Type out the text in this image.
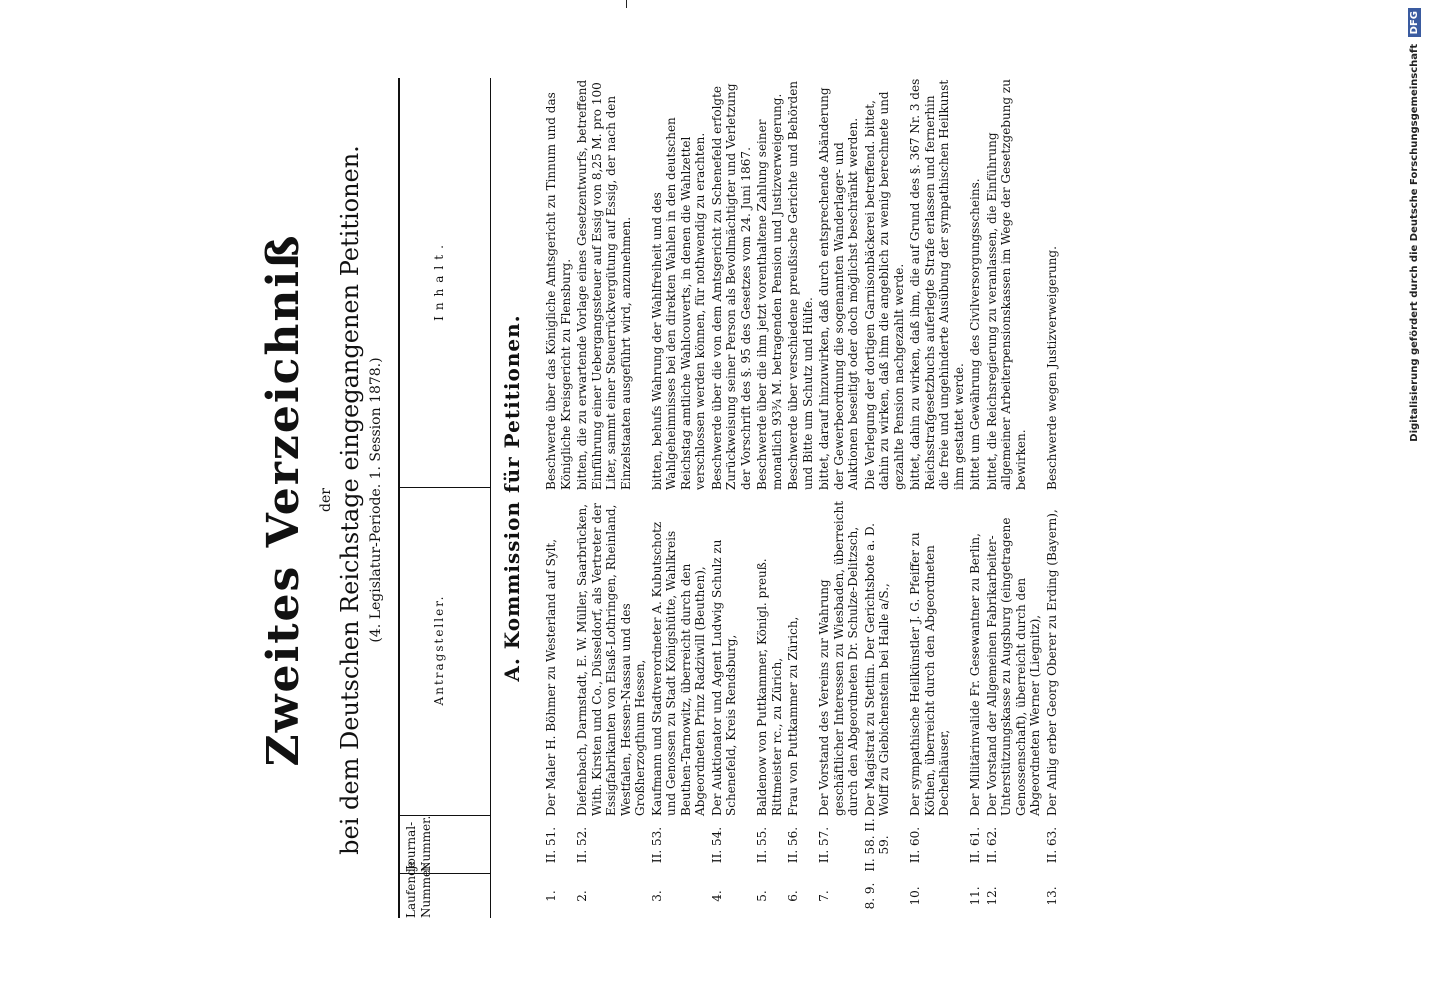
Zweites Verzeichniß der bei dem Deutschen Reichstage eingegangenen Petitionen. (4. Legislatur-Periode. 1. Session 1878.)
Laufende Nummer.
Journal-Nummer.
Antragsteller.
Inhalt.
A. Kommission für Petitionen.
1.
II. 51.
Der Maler H. Böhmer zu Westerland auf Sylt,
Beschwerde über das Königliche Amtsgericht zu Tinnum und das Königliche Kreisgericht zu Flensburg.
2.
II. 52.
Diefenbach, Darmstadt, E. W. Müller, Saarbrücken, With. Kirsten und Co., Düsseldorf, als Vertreter der Essigfabrikanten von Elsaß-Lothringen, Rheinland, Westfalen, Hessen-Nassau und des Großherzogthum Hessen,
bitten, die zu erwartende Vorlage eines Gesetzentwurfs, betreffend Einführung einer Uebergangssteuer auf Essig von 8,25 M. pro 100 Liter, sammt einer Steuerrückvergütung auf Essig, der nach den Einzelstaaten ausgeführt wird, anzunehmen.
3.
II. 53.
Kaufmann und Stadtverordneter A. Kubutschotz und Genossen zu Stadt Königshütte, Wahlkreis Beuthen-Tarnowitz, überreicht durch den Abgeordneten Prinz Radziwill (Beuthen),
bitten, behufs Wahrung der Wahlfreiheit und des Wahlgeheimnisses bei den direkten Wahlen in den deutschen Reichstag amtliche Wahlcouverts, in denen die Wahlzettel verschlossen werden können, für nothwendig zu erachten.
4.
II. 54.
Der Auktionator und Agent Ludwig Schulz zu Schenefeld, Kreis Rendsburg,
Beschwerde über die von dem Amtsgericht zu Schenefeld erfolgte Zurückweisung seiner Person als Bevollmächtigter und Verletzung der Vorschrift des §. 95 des Gesetzes vom 24. Juni 1867.
5.
II. 55.
Baldenow von Puttkammer, Königl. preuß. Rittmeister rc., zu Zürich,
Beschwerde über die ihm jetzt vorenthaltene Zahlung seiner monatlich 93¾ M. betragenden Pension und Justizverweigerung.
6.
II. 56.
Frau von Puttkammer zu Zürich,
Beschwerde über verschiedene preußische Gerichte und Behörden und Bitte um Schutz und Hülfe.
7.
II. 57.
Der Vorstand des Vereins zur Wahrung geschäftlicher Interessen zu Wiesbaden, überreicht durch den Abgeordneten Dr. Schulze-Delitzsch,
bittet, darauf hinzuwirken, daß durch entsprechende Abänderung der Gewerbeordnung die sogenannten Wanderlager- und Auktionen beseitigt oder doch möglichst beschränkt werden.
8. 9.
II. 58. II. 59.
Der Magistrat zu Stettin. Der Gerichtsbote a. D. Wolff zu Giebichenstein bei Halle a/S.,
Die Verlegung der dortigen Garnisonbäckerei betreffend. bittet, dahin zu wirken, daß ihm die angeblich zu wenig berechnete und gezahlte Pension nachgezahlt werde.
10.
II. 60.
Der sympathische Heilkünstler J. G. Pfeiffer zu Köthen, überreicht durch den Abgeordneten Dechelhäuser,
bittet, dahin zu wirken, daß ihm, die auf Grund des §. 367 Nr. 3 des Reichsstrafgesetzbuchs auferlegte Strafe erlassen und fernerhin die freie und ungehinderte Ausübung der sympathischen Heilkunst ihm gestattet werde.
11.
II. 61.
Der Militärinvalide Fr. Gesewantner zu Berlin,
bittet um Gewährung des Civilversorgungsscheins.
12.
II. 62.
Der Vorstand der Allgemeinen Fabrikarbeiter-Unterstützungskasse zu Augsburg (eingetragene Genossenschaft), überreicht durch den Abgeordneten Werner (Liegnitz),
bittet, die Reichsregierung zu veranlassen, die Einführung allgemeiner Arbeiterpensionskassen im Wege der Gesetzgebung zu bewirken.
13.
II. 63.
Der Anlig erber Georg Oberer zu Erding (Bayern),
Beschwerde wegen Justizverweigerung.	Digitalisierung gefördert durch die Deutsche Forschungsgemeinschaft DFG
